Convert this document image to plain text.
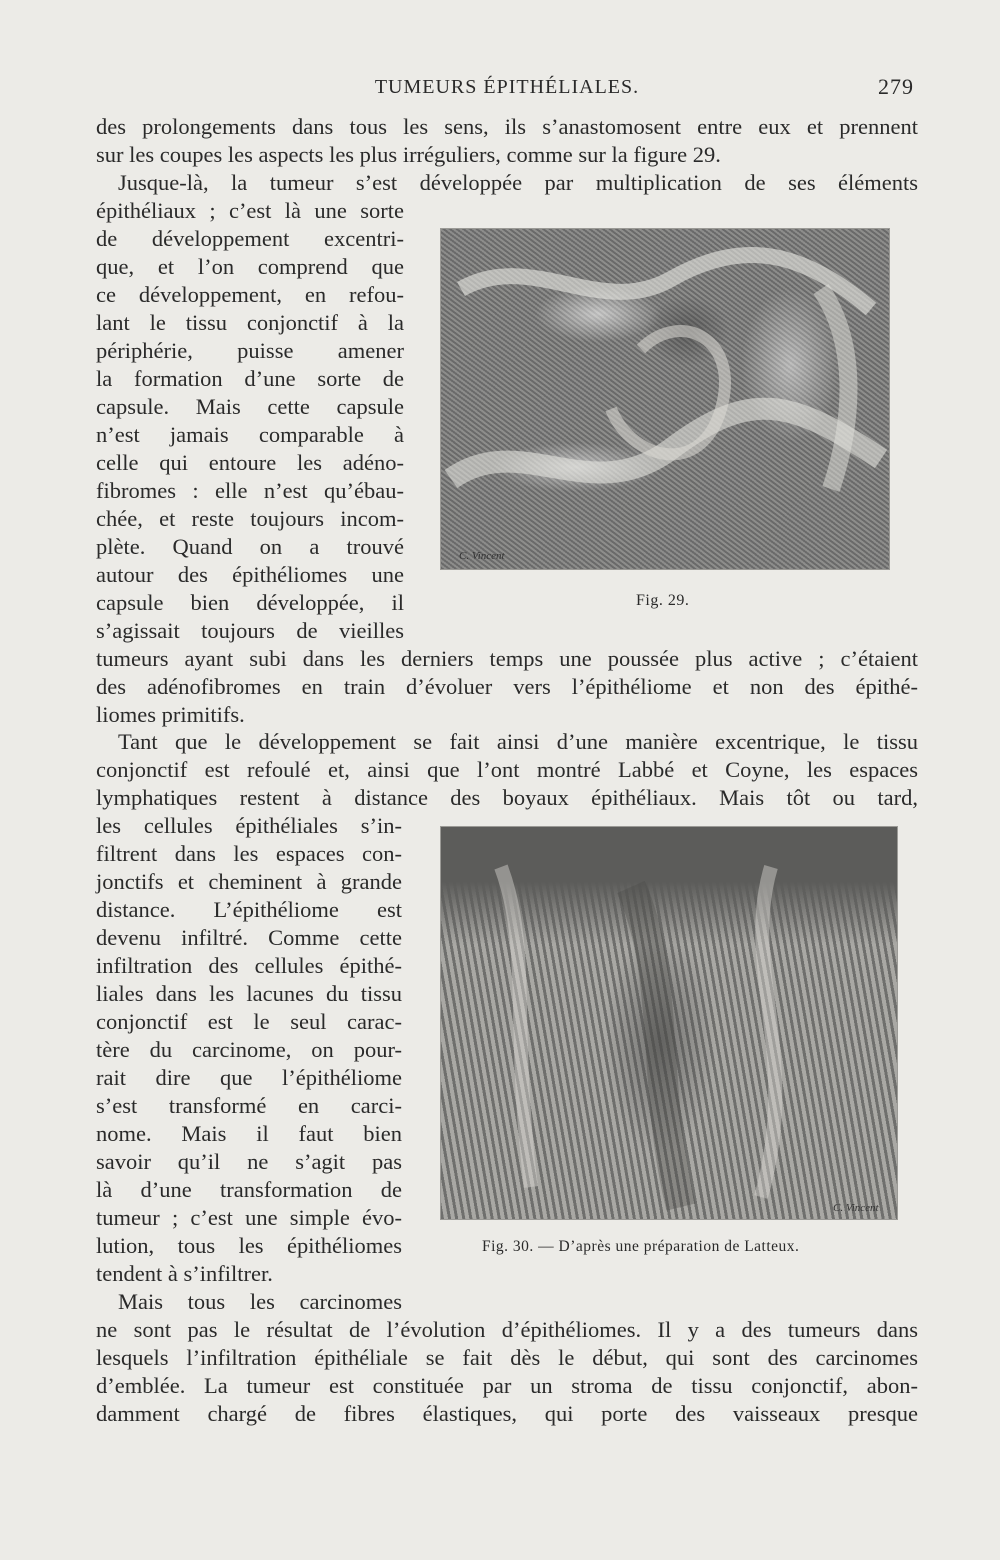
TUMEURS ÉPITHÉLIALES.	279
des prolongements dans tous les sens, ils s’anastomosent entre eux et prennent
sur les coupes les aspects les plus irréguliers, comme sur la figure 29.
Jusque-là, la tumeur s’est développée par multiplication de ses éléments
épithéliaux ; c’est là une sorte
de développement excentri-
que, et l’on comprend que
ce développement, en refou-
lant le tissu conjonctif à la
périphérie, puisse amener
la formation d’une sorte de
capsule. Mais cette capsule
n’est jamais comparable à
celle qui entoure les adéno-
fibromes : elle n’est qu’ébau-
chée, et reste toujours incom-
plète. Quand on a trouvé
autour des épithéliomes une
capsule bien développée, il
s’agissait toujours de vieilles
tumeurs ayant subi dans les derniers temps une poussée plus active ; c’étaient
des adénofibromes en train d’évoluer vers l’épithéliome et non des épithé-
liomes primitifs.
Tant que le développement se fait ainsi d’une manière excentrique, le tissu
conjonctif est refoulé et, ainsi que l’ont montré Labbé et Coyne, les espaces
lymphatiques restent à distance des boyaux épithéliaux. Mais tôt ou tard,
les cellules épithéliales s’in-
filtrent dans les espaces con-
jonctifs et cheminent à grande
distance. L’épithéliome est
devenu infiltré. Comme cette
infiltration des cellules épithé-
liales dans les lacunes du tissu
conjonctif est le seul carac-
tère du carcinome, on pour-
rait dire que l’épithéliome
s’est transformé en carci-
nome. Mais il faut bien
savoir qu’il ne s’agit pas
là d’une transformation de
tumeur ; c’est une simple évo-
lution, tous les épithéliomes
tendent à s’infiltrer.
Mais tous les carcinomes
ne sont pas le résultat de l’évolution d’épithéliomes. Il y a des tumeurs dans
lesquels l’infiltration épithéliale se fait dès le début, qui sont des carcinomes
d’emblée. La tumeur est constituée par un stroma de tissu conjonctif, abon-
damment chargé de fibres élastiques, qui porte des vaisseaux presque
C. Vincent
Fig. 29.
C. Vincent
Fig. 30. — D’après une préparation de Latteux.
